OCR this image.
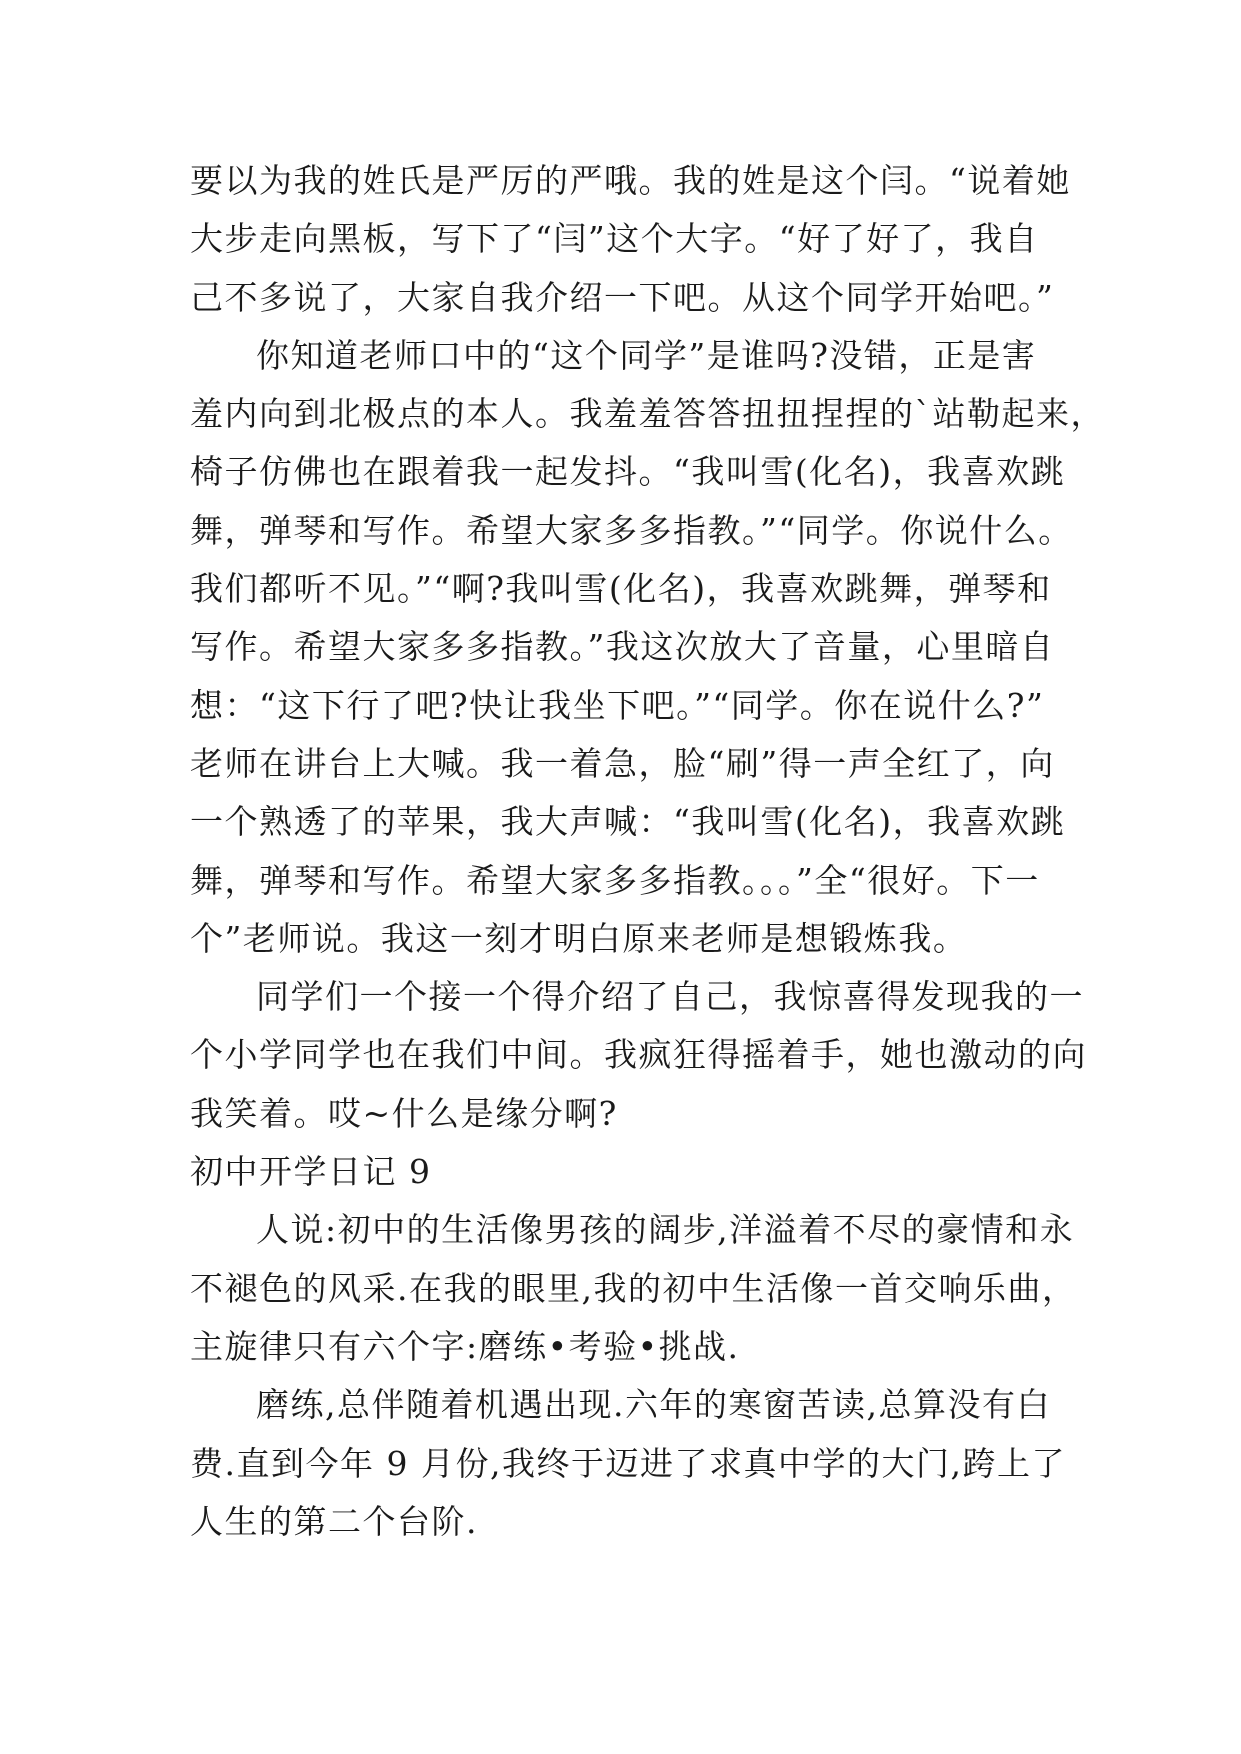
要以为我的姓氏是严厉的严哦。我的姓是这个闫。“说着她
大步走向黑板，写下了“闫”这个大字。“好了好了，我自
己不多说了，大家自我介绍一下吧。从这个同学开始吧。”
你知道老师口中的“这个同学”是谁吗?没错，正是害
羞内向到北极点的本人。我羞羞答答扭扭捏捏的`站勒起来，
椅子仿佛也在跟着我一起发抖。“我叫雪(化名)，我喜欢跳
舞，弹琴和写作。希望大家多多指教。”“同学。你说什么。
我们都听不见。”“啊?我叫雪(化名)，我喜欢跳舞，弹琴和
写作。希望大家多多指教。”我这次放大了音量，心里暗自
想：“这下行了吧?快让我坐下吧。”“同学。你在说什么?”
老师在讲台上大喊。我一着急，脸“刷”得一声全红了，向
一个熟透了的苹果，我大声喊：“我叫雪(化名)，我喜欢跳
舞，弹琴和写作。希望大家多多指教。。。”全“很好。下一
个”老师说。我这一刻才明白原来老师是想锻炼我。
同学们一个接一个得介绍了自己，我惊喜得发现我的一
个小学同学也在我们中间。我疯狂得摇着手，她也激动的向
我笑着。哎~什么是缘分啊?
初中开学日记 9
人说:初中的生活像男孩的阔步,洋溢着不尽的豪情和永
不褪色的风采.在我的眼里,我的初中生活像一首交响乐曲，
主旋律只有六个字:磨练•考验•挑战.
磨练,总伴随着机遇出现.六年的寒窗苦读,总算没有白
费.直到今年 9 月份,我终于迈进了求真中学的大门,跨上了
人生的第二个台阶.
